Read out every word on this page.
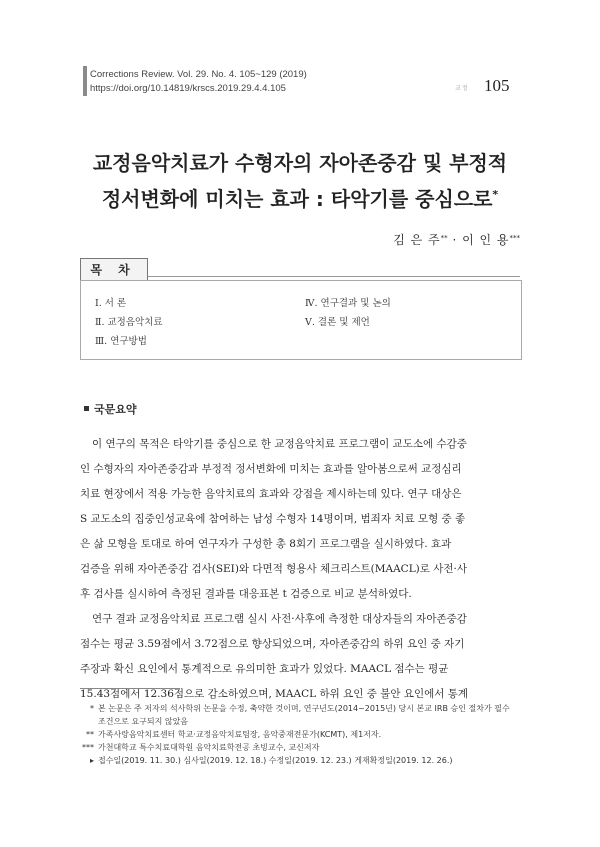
Corrections Review. Vol. 29. No. 4. 105~129 (2019)
https://doi.org/10.14819/krscs.2019.29.4.4.105	교정 105
교정음악치료가 수형자의 자아존중감 및 부정적
정서변화에 미치는 효과 : 타악기를 중심으로*
김 은 주** · 이 인 용***
목 차
Ⅰ. 서 론
Ⅱ. 교정음악치료
Ⅲ. 연구방법
Ⅳ. 연구결과 및 논의
Ⅴ. 결론 및 제언
국문요약
이 연구의 목적은 타악기를 중심으로 한 교정음악치료 프로그램이 교도소에 수감중
인 수형자의 자아존중감과 부정적 정서변화에 미치는 효과를 알아봄으로써 교정심리
치료 현장에서 적용 가능한 음악치료의 효과와 강점을 제시하는데 있다. 연구 대상은
S 교도소의 집중인성교육에 참여하는 남성 수형자 14명이며, 범죄자 치료 모형 중 좋
은 삶 모형을 토대로 하여 연구자가 구성한 총 8회기 프로그램을 실시하였다. 효과
검증을 위해 자아존중감 검사(SEI)와 다면적 형용사 체크리스트(MAACL)로 사전·사
후 검사를 실시하여 측정된 결과를 대응표본 t 검증으로 비교 분석하였다.
연구 결과 교정음악치료 프로그램 실시 사전·사후에 측정한 대상자들의 자아존중감
점수는 평균 3.59점에서 3.72점으로 향상되었으며, 자아존중감의 하위 요인 중 자기
주장과 확신 요인에서 통계적으로 유의미한 효과가 있었다. MAACL 점수는 평균
15.43점에서 12.36점으로 감소하였으며, MAACL 하위 요인 중 불안 요인에서 통계
* 본 논문은 주 저자의 석사학위 논문을 수정, 축약한 것이며, 연구년도(2014~2015년) 당시 본교 IRB 승인 절차가 필수
조건으로 요구되지 않았음
** 가족사랑음악치료센터 학교·교정음악치료팀장, 음악중재전문가(KCMT), 제1저자.
*** 가천대학교 특수치료대학원 음악치료학전공 초빙교수, 교신저자
▸ 접수일(2019. 11. 30.) 심사일(2019. 12. 18.) 수정일(2019. 12. 23.) 게재확정일(2019. 12. 26.)
